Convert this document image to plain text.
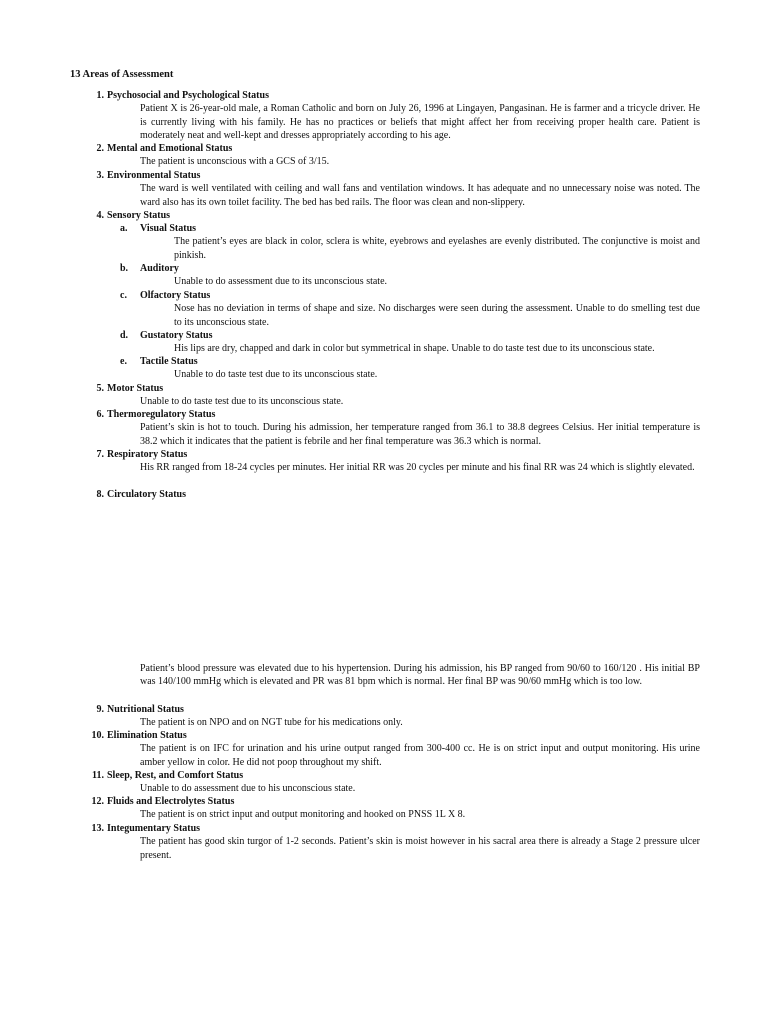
13 Areas of Assessment
1. Psychosocial and Psychological Status
Patient X is 26-year-old male, a Roman Catholic and born on July 26, 1996 at Lingayen, Pangasinan. He is farmer and a tricycle driver. He is currently living with his family. He has no practices or beliefs that might affect her from receiving proper health care. Patient is moderately neat and well-kept and dresses appropriately according to his age.
2. Mental and Emotional Status
The patient is unconscious with a GCS of 3/15.
3. Environmental Status
The ward is well ventilated with ceiling and wall fans and ventilation windows. It has adequate and no unnecessary noise was noted. The ward also has its own toilet facility. The bed has bed rails. The floor was clean and non-slippery.
4. Sensory Status
a. Visual Status
The patient’s eyes are black in color, sclera is white, eyebrows and eyelashes are evenly distributed. The conjunctive is moist and pinkish.
b. Auditory
Unable to do assessment due to its unconscious state.
c. Olfactory Status
Nose has no deviation in terms of shape and size. No discharges were seen during the assessment. Unable to do smelling test due to its unconscious state.
d. Gustatory Status
His lips are dry, chapped and dark in color but symmetrical in shape. Unable to do taste test due to its unconscious state.
e. Tactile Status
Unable to do taste test due to its unconscious state.
5. Motor Status
Unable to do taste test due to its unconscious state.
6. Thermoregulatory Status
Patient’s skin is hot to touch. During his admission, her temperature ranged from 36.1 to 38.8 degrees Celsius. Her initial temperature is 38.2 which it indicates that the patient is febrile and her final temperature was 36.3 which is normal.
7. Respiratory Status
His RR ranged from 18-24 cycles per minutes. Her initial RR was 20 cycles per minute and his final RR was 24 which is slightly elevated.
8. Circulatory Status
Patient’s blood pressure was elevated due to his hypertension. During his admission, his BP ranged from 90/60 to 160/120 . His initial BP was 140/100 mmHg which is elevated and PR was 81 bpm which is normal. Her final BP was 90/60 mmHg which is too low.
9. Nutritional Status
The patient is on NPO and on NGT tube for his medications only.
10. Elimination Status
The patient is on IFC for urination and his urine output ranged from 300-400 cc. He is on strict input and output monitoring. His urine amber yellow in color. He did not poop throughout my shift.
11. Sleep, Rest, and Comfort Status
Unable to do assessment due to his unconscious state.
12. Fluids and Electrolytes Status
The patient is on strict input and output monitoring and hooked on PNSS 1L X 8.
13. Integumentary Status
The patient has good skin turgor of 1-2 seconds. Patient’s skin is moist however in his sacral area there is already a Stage 2 pressure ulcer present.
